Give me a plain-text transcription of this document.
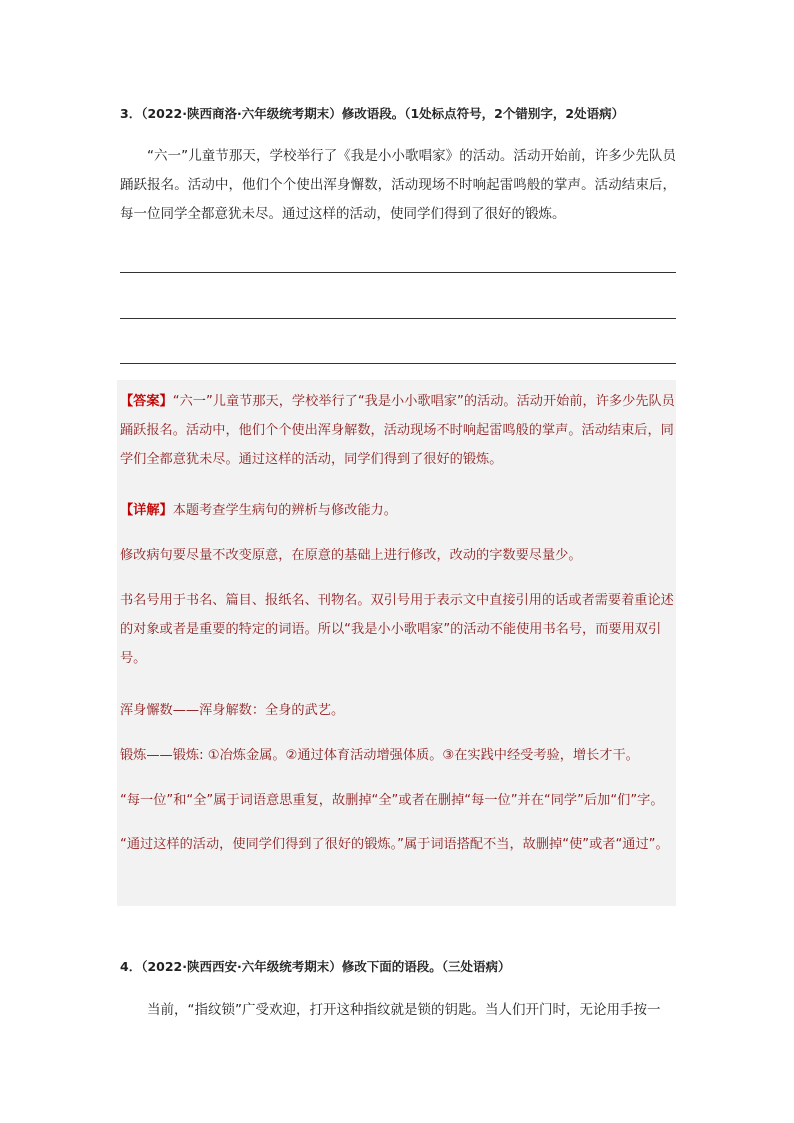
3．（2022·陕西商洛·六年级统考期末）修改语段。（1处标点符号，2个错别字，2处语病）
“六一”儿童节那天，学校举行了《我是小小歌唱家》的活动。活动开始前，许多少先队员踊跃报名。活动中，他们个个使出浑身懈数，活动现场不时响起雷鸣般的掌声。活动结束后，每一位同学全都意犹未尽。通过这样的活动，使同学们得到了很好的锻炼。

【答案】“六一”儿童节那天，学校举行了“我是小小歌唱家”的活动。活动开始前，许多少先队员踊跃报名。活动中，他们个个使出浑身解数，活动现场不时响起雷鸣般的掌声。活动结束后，同学们全都意犹未尽。通过这样的活动，同学们得到了很好的锻炼。

【详解】本题考查学生病句的辨析与修改能力。

修改病句要尽量不改变原意，在原意的基础上进行修改，改动的字数要尽量少。

书名号用于书名、篇目、报纸名、刊物名。双引号用于表示文中直接引用的话或者需要着重论述的对象或者是重要的特定的词语。所以“我是小小歌唱家”的活动不能使用书名号，而要用双引号。

浑身懈数——浑身解数：全身的武艺。

锻炼——锻炼: ①冶炼金属。②通过体育活动增强体质。③在实践中经受考验，增长才干。

“每一位”和“全”属于词语意思重复，故删掉“全”或者在删掉“每一位”并在“同学”后加“们”字。

“通过这样的活动，使同学们得到了很好的锻炼。”属于词语搭配不当，故删掉“使”或者“通过”。

4．（2022·陕西西安·六年级统考期末）修改下面的语段。（三处语病）
当前，“指纹锁”广受欢迎，打开这种指纹就是锁的钥匙。当人们开门时，无论用手按一
